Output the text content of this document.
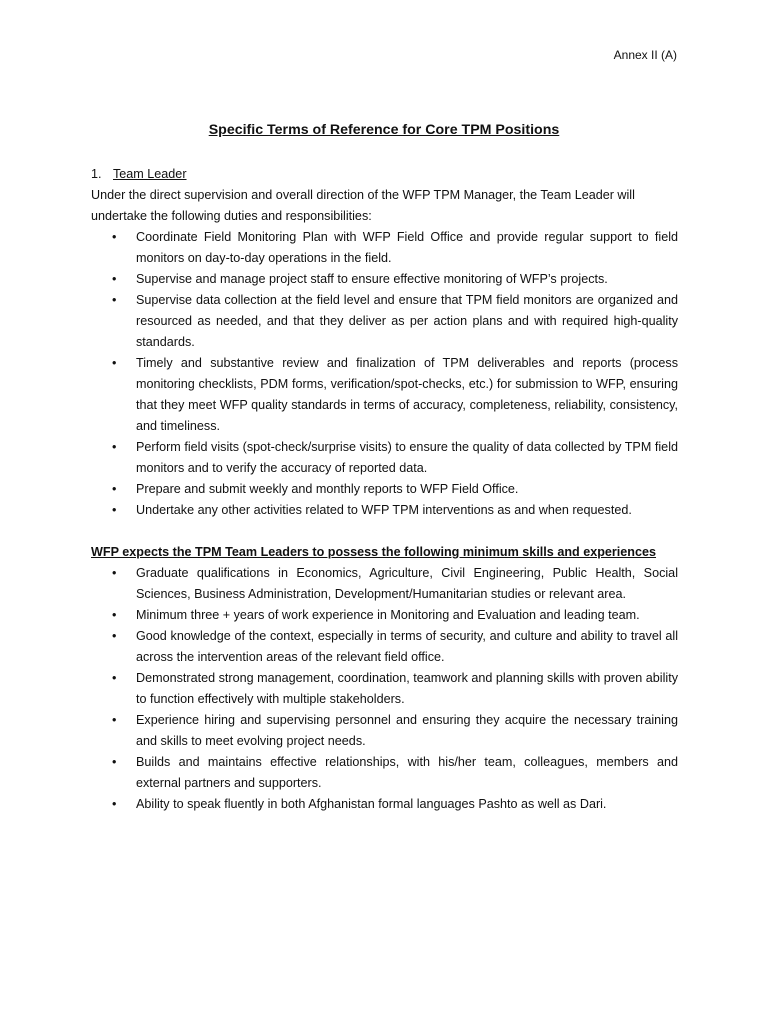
Annex II (A)
Specific Terms of Reference for Core TPM Positions

1. Team Leader

Under the direct supervision and overall direction of the WFP TPM Manager, the Team Leader will undertake the following duties and responsibilities:

• Coordinate Field Monitoring Plan with WFP Field Office and provide regular support to field monitors on day-to-day operations in the field.
• Supervise and manage project staff to ensure effective monitoring of WFP’s projects.
• Supervise data collection at the field level and ensure that TPM field monitors are organized and resourced as needed, and that they deliver as per action plans and with required high-quality standards.
• Timely and substantive review and finalization of TPM deliverables and reports (process monitoring checklists, PDM forms, verification/spot-checks, etc.) for submission to WFP, ensuring that they meet WFP quality standards in terms of accuracy, completeness, reliability, consistency, and timeliness.
• Perform field visits (spot-check/surprise visits) to ensure the quality of data collected by TPM field monitors and to verify the accuracy of reported data.
• Prepare and submit weekly and monthly reports to WFP Field Office.
• Undertake any other activities related to WFP TPM interventions as and when requested.

WFP expects the TPM Team Leaders to possess the following minimum skills and experiences

• Graduate qualifications in Economics, Agriculture, Civil Engineering, Public Health, Social Sciences, Business Administration, Development/Humanitarian studies or relevant area.
• Minimum three + years of work experience in Monitoring and Evaluation and leading team.
• Good knowledge of the context, especially in terms of security, and culture and ability to travel all across the intervention areas of the relevant field office.
• Demonstrated strong management, coordination, teamwork and planning skills with proven ability to function effectively with multiple stakeholders.
• Experience hiring and supervising personnel and ensuring they acquire the necessary training and skills to meet evolving project needs.
• Builds and maintains effective relationships, with his/her team, colleagues, members and external partners and supporters.
• Ability to speak fluently in both Afghanistan formal languages Pashto as well as Dari.
